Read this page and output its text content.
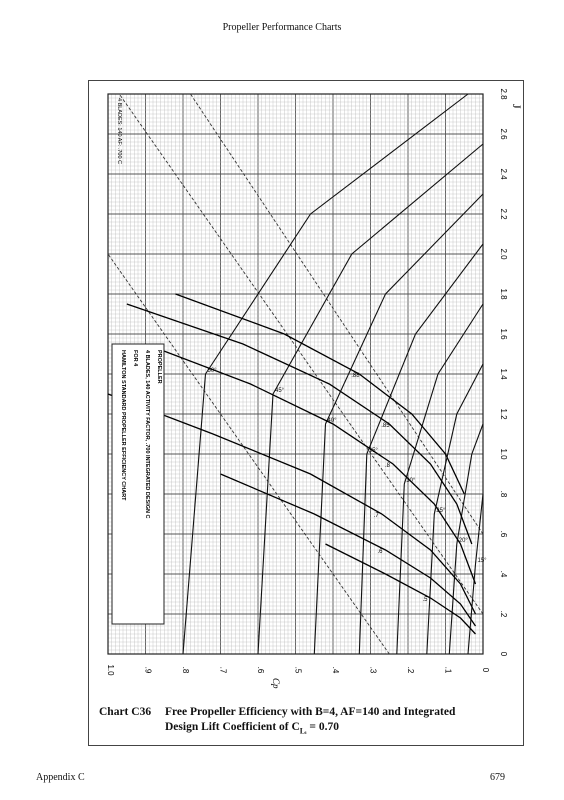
Propeller Performance Charts
15°
20°
25°
30°
35°
40°
45°
50°
.5
.6
.7
.8
.85
.88
0
.1
.2
.3
.4
.5
.6
.7
.8
.9
1.0
0
.2
.4
.6
.8
1.0
1.2
1.4
1.6
1.8
2.0
2.2
2.4
2.6
2.8
Cp
J
HAMILTON STANDARD PROPELLER EFFICIENCY CHART FOR 4 4 BLADES, 140 ACTIVITY FACTOR, .700 INTEGRATED DESIGN C PROPELLER
4 BLADES: 140 AF: .700 C
Chart C36 Free Propeller Efficiency with B=4, AF=140 and Integrated
Design Lift Coefficient of $C_{Lᵢ} = 0.70$
Appendix C	679
